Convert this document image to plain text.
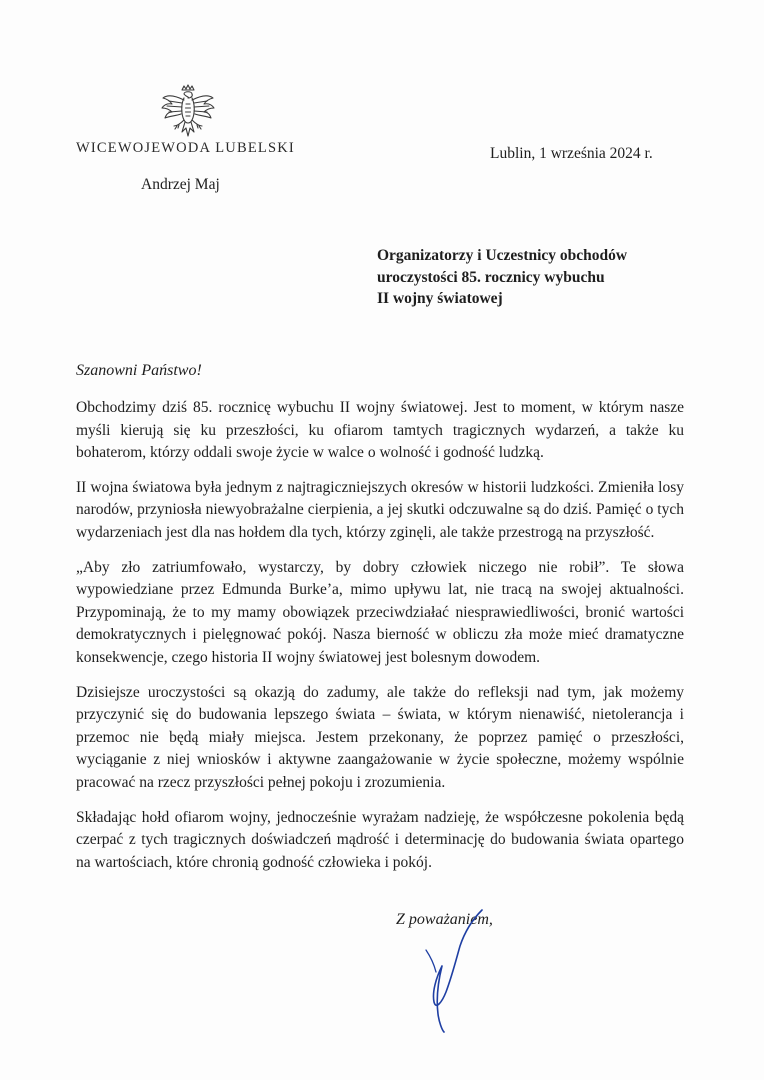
WICEWOJEWODA LUBELSKI
Andrzej Maj
Lublin, 1 września 2024 r.
Organizatorzy i Uczestnicy obchodów
uroczystości 85. rocznicy wybuchu
II wojny światowej
Szanowni Państwo!

Obchodzimy dziś 85. rocznicę wybuchu II wojny światowej. Jest to moment, w którym nasze myśli kierują się ku przeszłości, ku ofiarom tamtych tragicznych wydarzeń, a także ku bohaterom, którzy oddali swoje życie w walce o wolność i godność ludzką.

II wojna światowa była jednym z najtragiczniejszych okresów w historii ludzkości. Zmieniła losy narodów, przyniosła niewyobrażalne cierpienia, a jej skutki odczuwalne są do dziś. Pamięć o tych wydarzeniach jest dla nas hołdem dla tych, którzy zginęli, ale także przestrogą na przyszłość.

„Aby zło zatriumfowało, wystarczy, by dobry człowiek niczego nie robił”. Te słowa wypowiedziane przez Edmunda Burke’a, mimo upływu lat, nie tracą na swojej aktualności. Przypominają, że to my mamy obowiązek przeciwdziałać niesprawiedliwości, bronić wartości demokratycznych i pielęgnować pokój. Nasza bierność w obliczu zła może mieć dramatyczne konsekwencje, czego historia II wojny światowej jest bolesnym dowodem.

Dzisiejsze uroczystości są okazją do zadumy, ale także do refleksji nad tym, jak możemy przyczynić się do budowania lepszego świata – świata, w którym nienawiść, nietolerancja i przemoc nie będą miały miejsca. Jestem przekonany, że poprzez pamięć o przeszłości, wyciąganie z niej wniosków i aktywne zaangażowanie w życie społeczne, możemy wspólnie pracować na rzecz przyszłości pełnej pokoju i zrozumienia.

Składając hołd ofiarom wojny, jednocześnie wyrażam nadzieję, że współczesne pokolenia będą czerpać z tych tragicznych doświadczeń mądrość i determinację do budowania świata opartego na wartościach, które chronią godność człowieka i pokój.

Z poważaniem,
